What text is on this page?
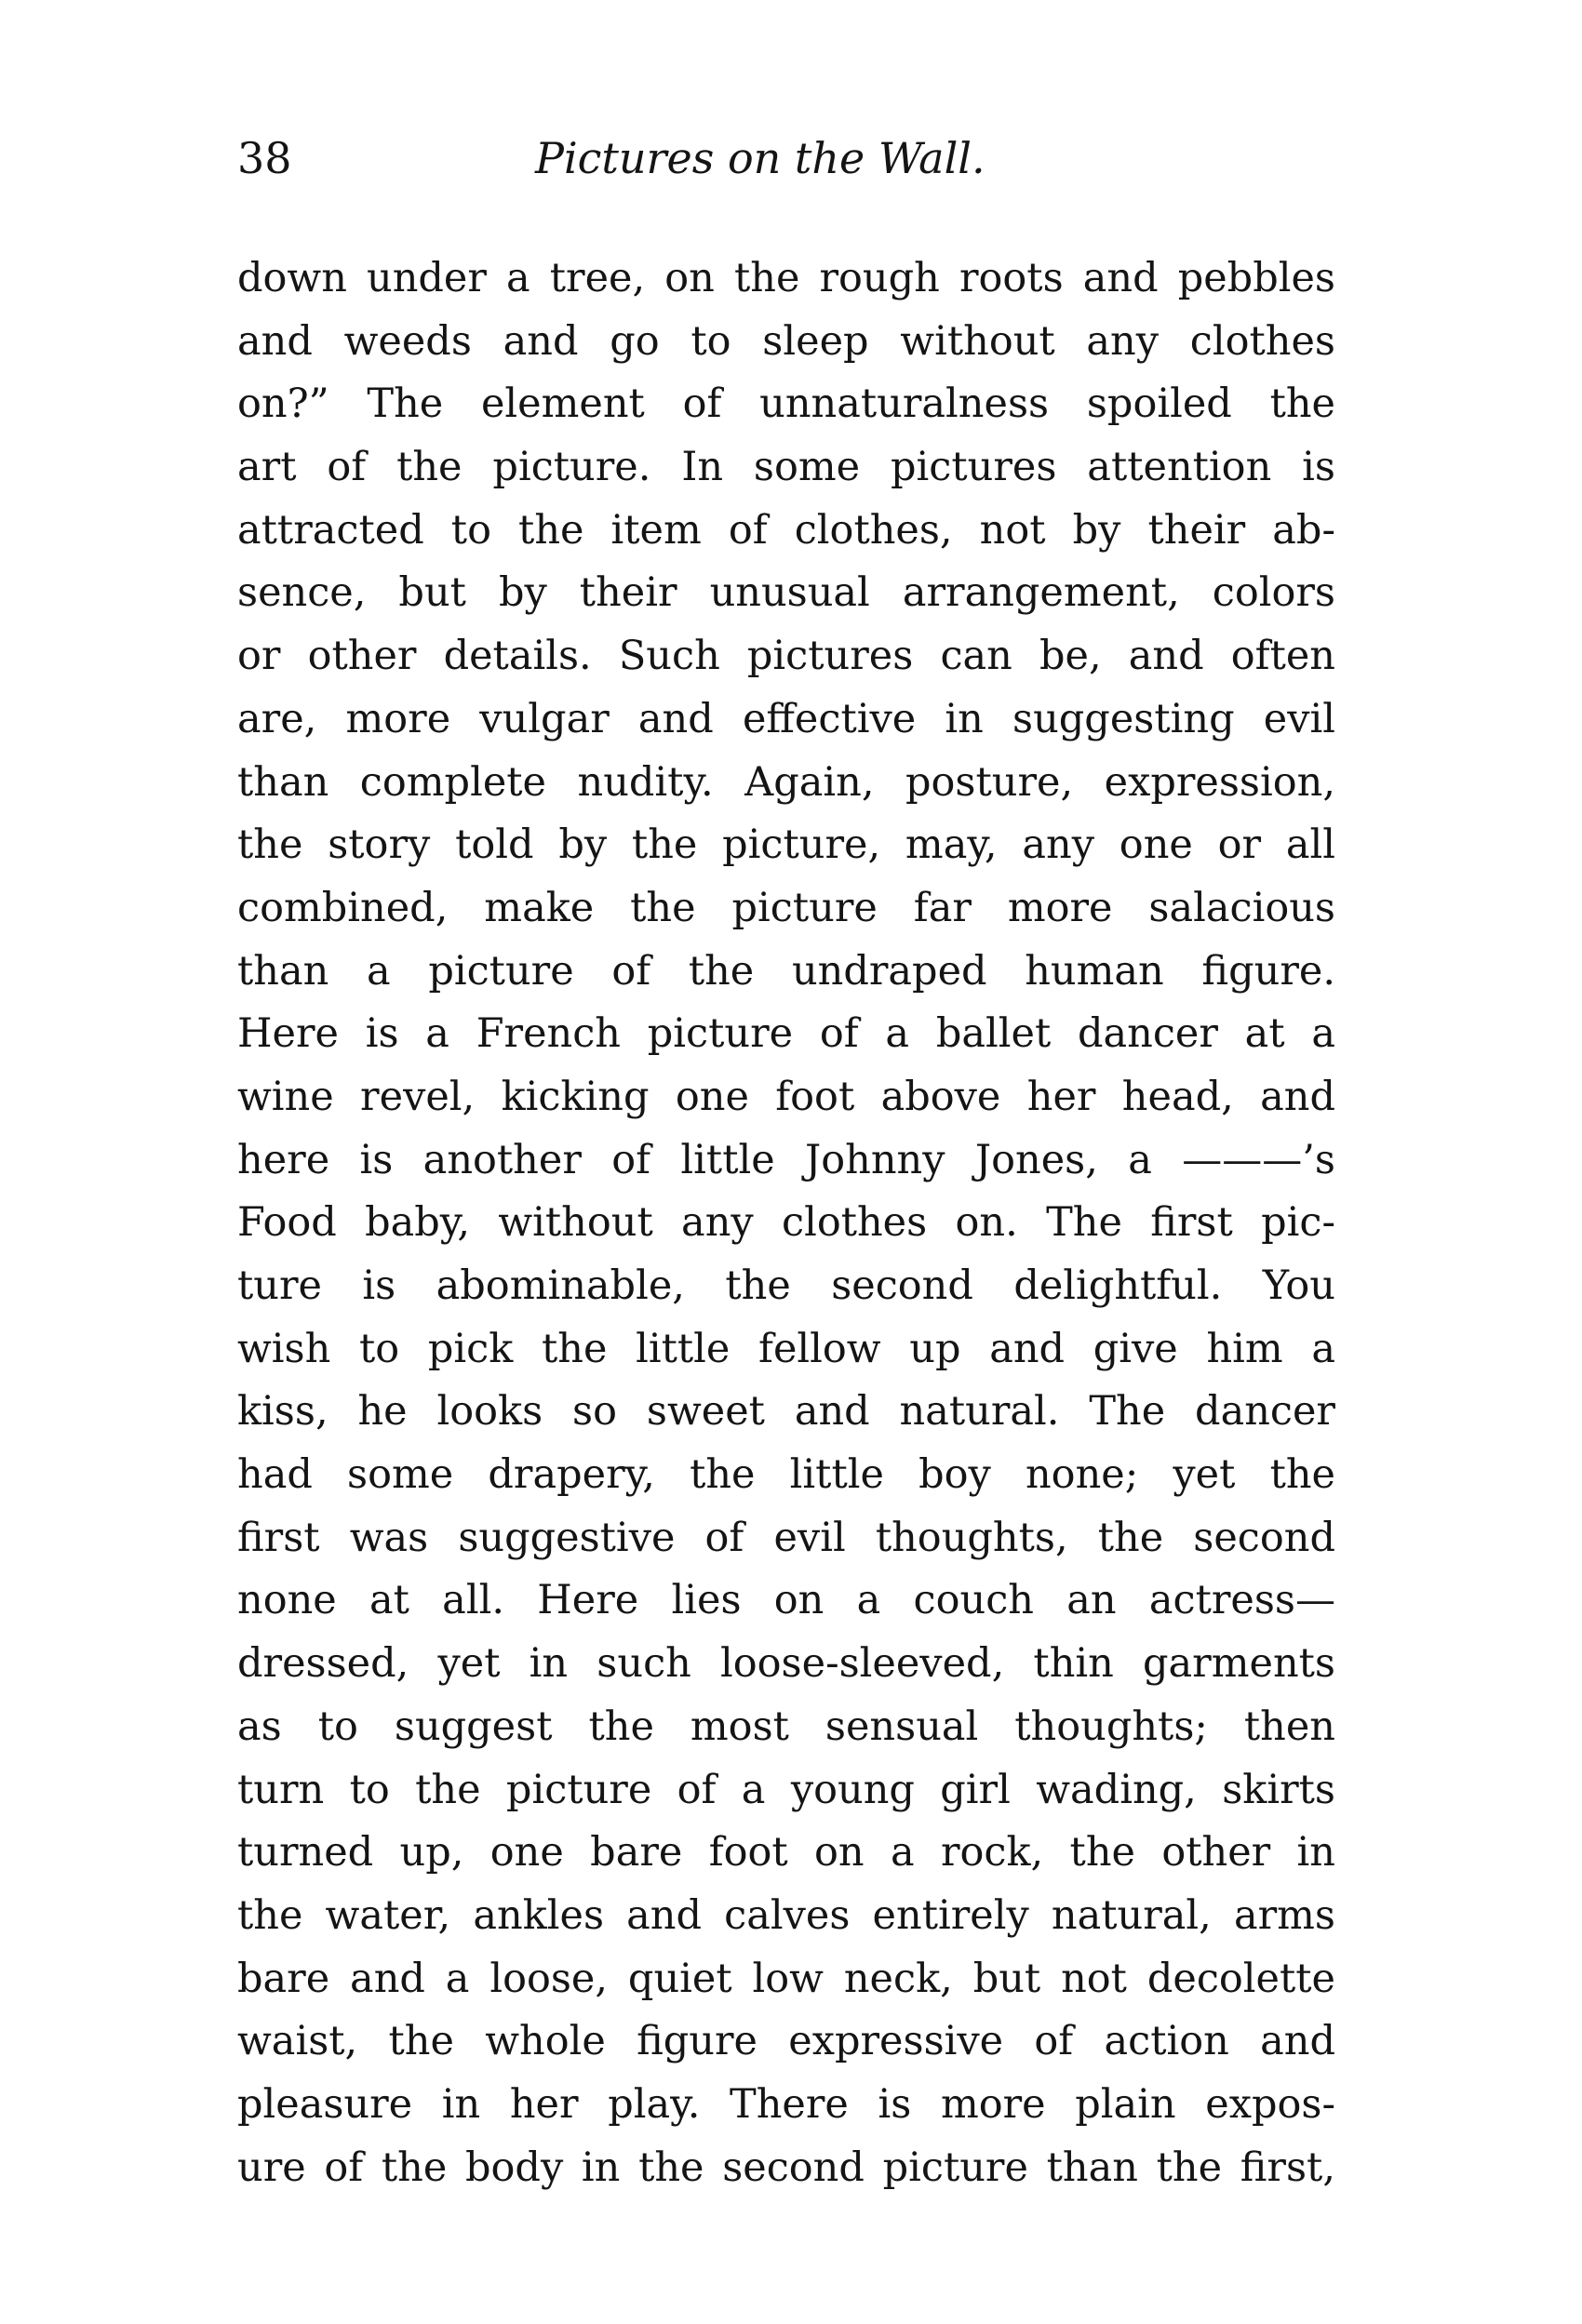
38	Pictures on the Wall.
down under a tree, on the rough roots and pebbles
and weeds and go to sleep without any clothes
on?” The element of unnaturalness spoiled the
art of the picture. In some pictures attention is
attracted to the item of clothes, not by their ab-
sence, but by their unusual arrangement, colors
or other details. Such pictures can be, and often
are, more vulgar and effective in suggesting evil
than complete nudity. Again, posture, expression,
the story told by the picture, may, any one or all
combined, make the picture far more salacious
than a picture of the undraped human figure.
Here is a French picture of a ballet dancer at a
wine revel, kicking one foot above her head, and
here is another of little Johnny Jones, a ———’s
Food baby, without any clothes on. The first pic-
ture is abominable, the second delightful. You
wish to pick the little fellow up and give him a
kiss, he looks so sweet and natural. The dancer
had some drapery, the little boy none; yet the
first was suggestive of evil thoughts, the second
none at all. Here lies on a couch an actress—
dressed, yet in such loose-sleeved, thin garments
as to suggest the most sensual thoughts; then
turn to the picture of a young girl wading, skirts
turned up, one bare foot on a rock, the other in
the water, ankles and calves entirely natural, arms
bare and a loose, quiet low neck, but not decolette
waist, the whole figure expressive of action and
pleasure in her play. There is more plain expos-
ure of the body in the second picture than the first,
